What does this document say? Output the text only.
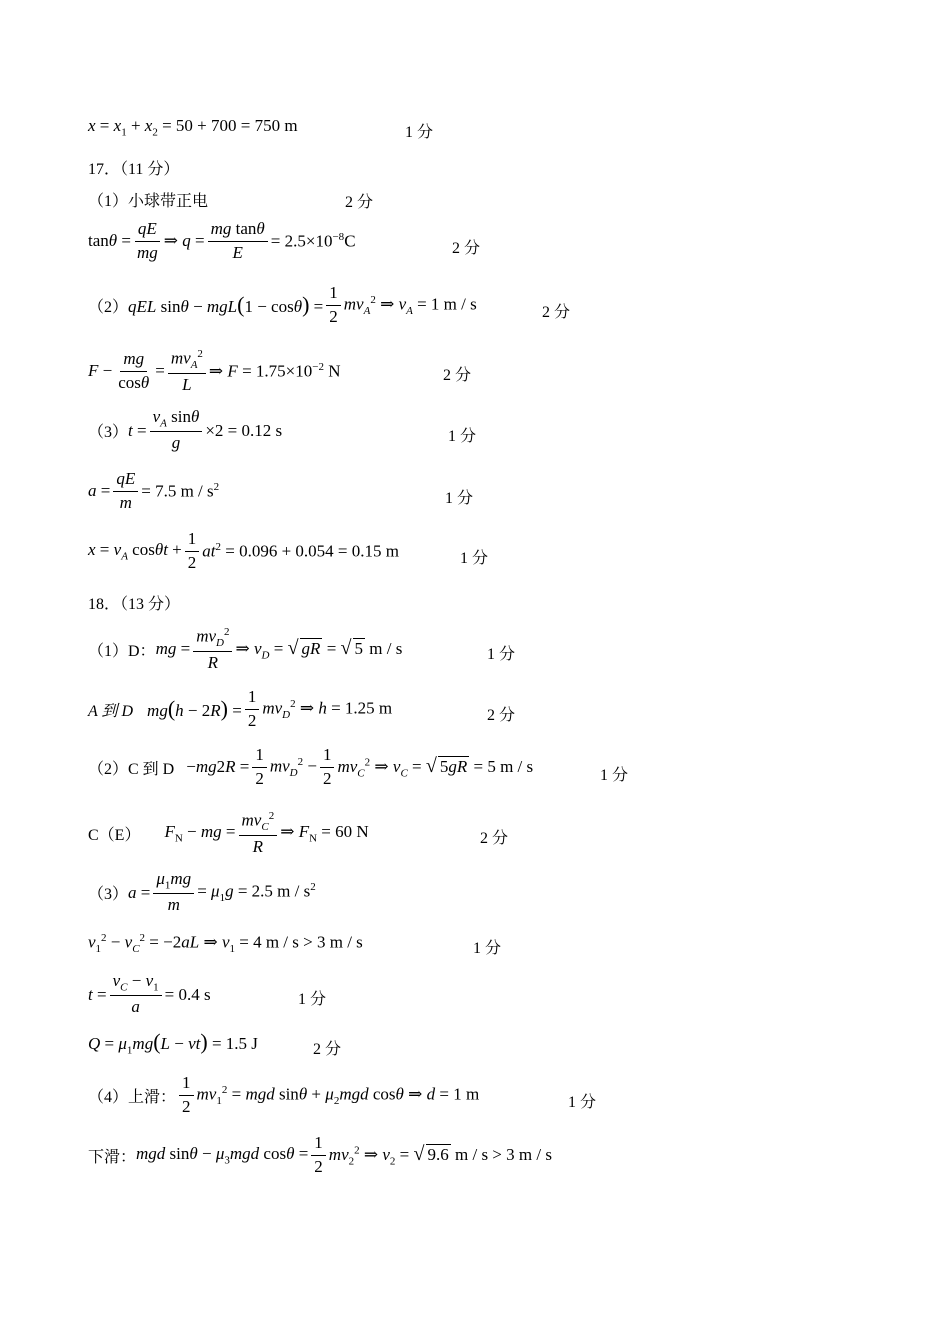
$x = x_1 + x_2 = 50 + 700 = 750$ m	1 分
17．（11 分）
（1）小球带正电	2 分
$\tan\theta = \frac{qE}{mg}$ ⇒ $q = \frac{\text{mg tanθ}}{E} = 2.5\times 10^{-8}C$	2 分
（2） qEL $\sin\theta - mgL(1 - \cos\theta) = \frac{1}{2} mv_A^2$ ⇒ $v_A = 1$ m / s	2 分
$F - \frac{mg}{\cos\theta} = \frac{mv_A^2}{L}$ ⇒ $F = 1.75\times 10^{-2}$ N	2 分
（3） $t = \frac{v_A \sin\theta}{g} \times 2 = 0.12$ s	1 分
$a = \frac{qE}{m} = 7.5$ m / $s^2$
1 分
$x = v_A$ $\cos\theta t + \frac{1}{2} at^2 = 0.096 + 0.054 = 0.15$ m	1 分
18．（13 分）
（1）D： mg = $\frac{mv_D^2}{R}$ ⇒ $v_D$ = √ gR = √ 5 m / s	1 分
A 到 D $mg(h - 2R) = \frac{1}{2} mv_D^2$ ⇒ h = 1.25 m	2 分
（2）C 到 $D -mg2R = \frac{1}{2} mv_D^2 - \frac{1}{2} mv_C^2$ ⇒ $v_C$ = √ 5gR = 5 m / s	1 分
C（E） $F_N$ − mg = $\frac{mv_C^2}{R}$ ⇒ $F_N = 60$ N	2 分
（3） $a = \frac{\mu_1mg}{m} = \mu_1g = 2.5$ m / $s^2$
$v_1^2 - v_C^2 = -2aL$ ⇒ $v_1 = 4$ m / s > 3 m / s	1 分
$t = \frac{v_C - v_1}{a} = 0.4$ s	1 分
$Q = \mu_1mg(L - vt) = 1.5$ J	2 分
（4）上滑： $\frac{1}{2} mv_1^2$ = mgd $\sin\theta + \mu_2mgd$ cosθ ⇒ d = 1 m	1 分
下滑： mgd $\sin\theta - \mu_3mgd$ $\cos\theta = \frac{1}{2} mv_2^2$ ⇒ $v_2$ = √ 9.6 m / s > 3 m / s
